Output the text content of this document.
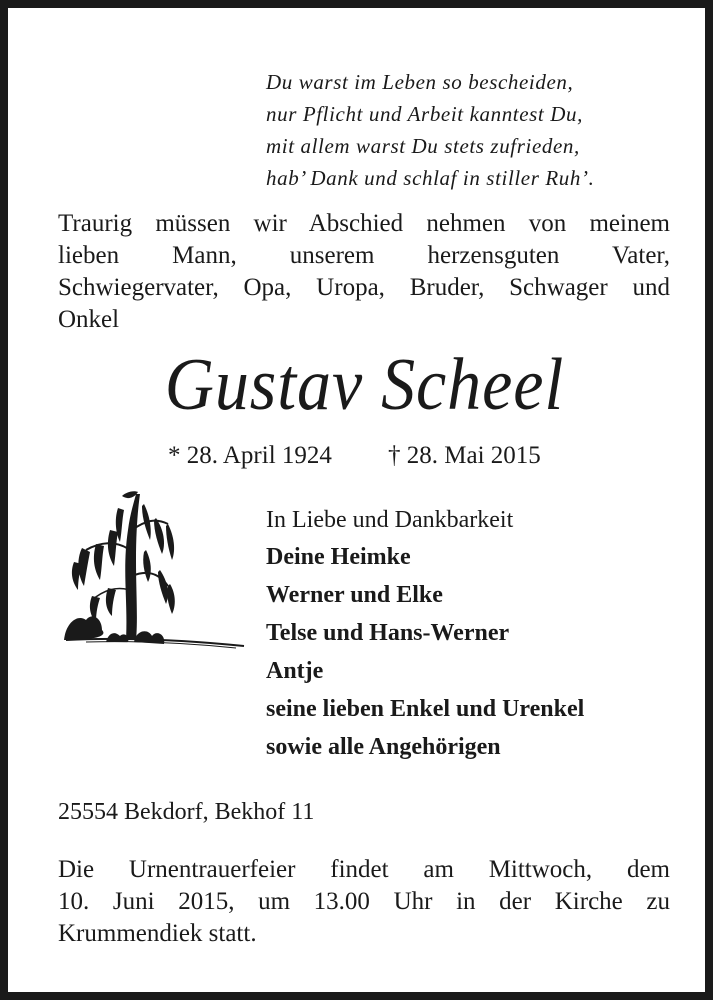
Du warst im Leben so bescheiden,
nur Pflicht und Arbeit kanntest Du,
mit allem warst Du stets zufrieden,
hab’ Dank und schlaf in stiller Ruh’.
Traurig müssen wir Abschied nehmen von meinem
lieben Mann, unserem herzensguten Vater,
Schwiegervater, Opa, Uropa, Bruder, Schwager und
Onkel
Gustav Scheel
* 28. April 1924 † 28. Mai 2015
In Liebe und Dankbarkeit
Deine Heimke
Werner und Elke
Telse und Hans-Werner
Antje
seine lieben Enkel und Urenkel
sowie alle Angehörigen
25554 Bekdorf, Bekhof 11
Die Urnentrauerfeier findet am Mittwoch, dem
10. Juni 2015, um 13.00 Uhr in der Kirche zu
Krummendiek statt.
